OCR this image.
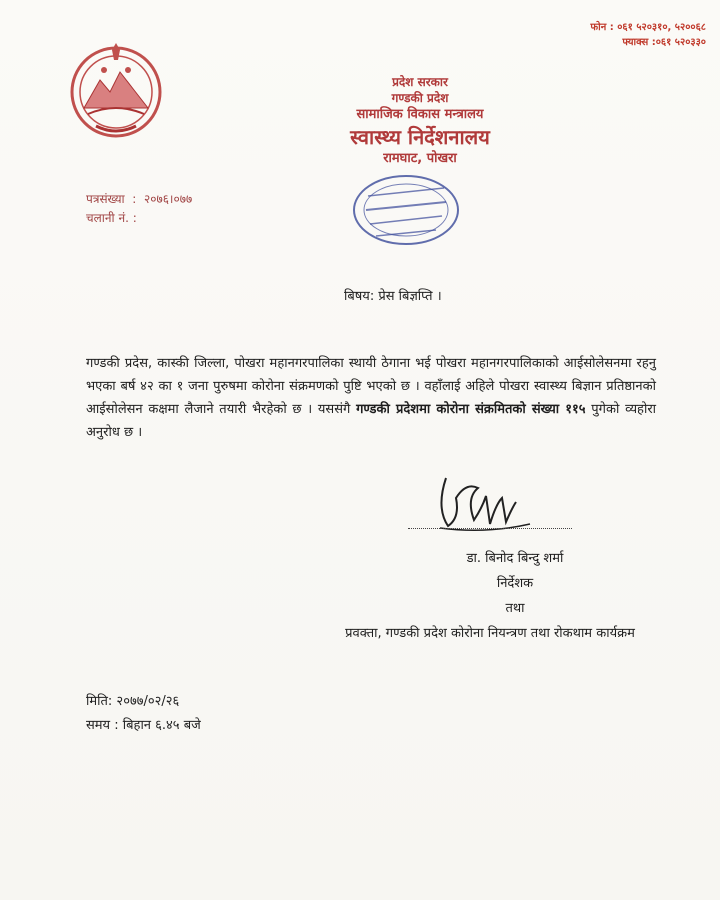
फोन : ०६१ ५२०३१०, ५२००६८
फ्याक्स :०६१ ५२०३३०
प्रदेश सरकार
गण्डकी प्रदेश
सामाजिक विकास मन्त्रालय
स्वास्थ्य निर्देशनालय
रामघाट, पोखरा
पत्रसंख्या  :  २०७६।०७७
चलानी नं. :
बिषय: प्रेस बिज्ञप्ति ।
गण्डकी प्रदेस, कास्की जिल्ला, पोखरा महानगरपालिका स्थायी ठेगाना भई पोखरा महानगरपालिकाको आईसोलेसनमा रहनु भएका बर्ष ४२ का १ जना पुरुषमा कोरोना संक्रमणको पुष्टि भएको छ । वहाँलाई अहिले पोखरा स्वास्थ्य बिज्ञान प्रतिष्ठानको आईसोलेसन कक्षमा लैजाने तयारी भैरहेको छ । यससंगै गण्डकी प्रदेशमा कोरोना संक्रमितको संख्या ११५ पुगेको व्यहोरा अनुरोध छ ।
डा. बिनोद बिन्दु शर्मा
निर्देशक
तथा
प्रवक्ता, गण्डकी प्रदेश कोरोना नियन्त्रण तथा रोकथाम कार्यक्रम
मिति: २०७७/०२/२६
समय : बिहान ६.४५ बजे
